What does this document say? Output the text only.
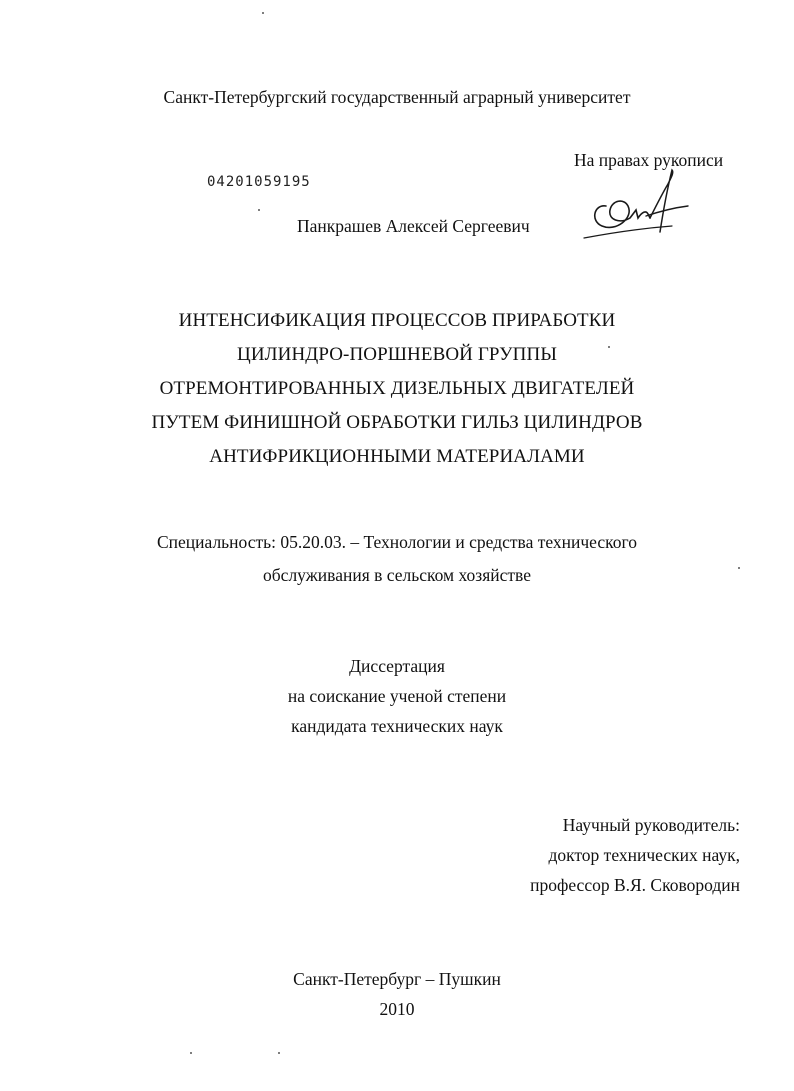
Санкт-Петербургский государственный аграрный университет
На правах рукописи
04201059195
Панкрашев Алексей Сергеевич
ИНТЕНСИФИКАЦИЯ ПРОЦЕССОВ ПРИРАБОТКИ
ЦИЛИНДРО-ПОРШНЕВОЙ ГРУППЫ
ОТРЕМОНТИРОВАННЫХ ДИЗЕЛЬНЫХ ДВИГАТЕЛЕЙ
ПУТЕМ ФИНИШНОЙ ОБРАБОТКИ ГИЛЬЗ ЦИЛИНДРОВ
АНТИФРИКЦИОННЫМИ МАТЕРИАЛАМИ
Специальность: 05.20.03. – Технологии и средства технического
обслуживания в сельском хозяйстве
Диссертация
на соискание ученой степени
кандидата технических наук
Научный руководитель:
доктор технических наук,
профессор В.Я. Сковородин
Санкт-Петербург – Пушкин
2010
